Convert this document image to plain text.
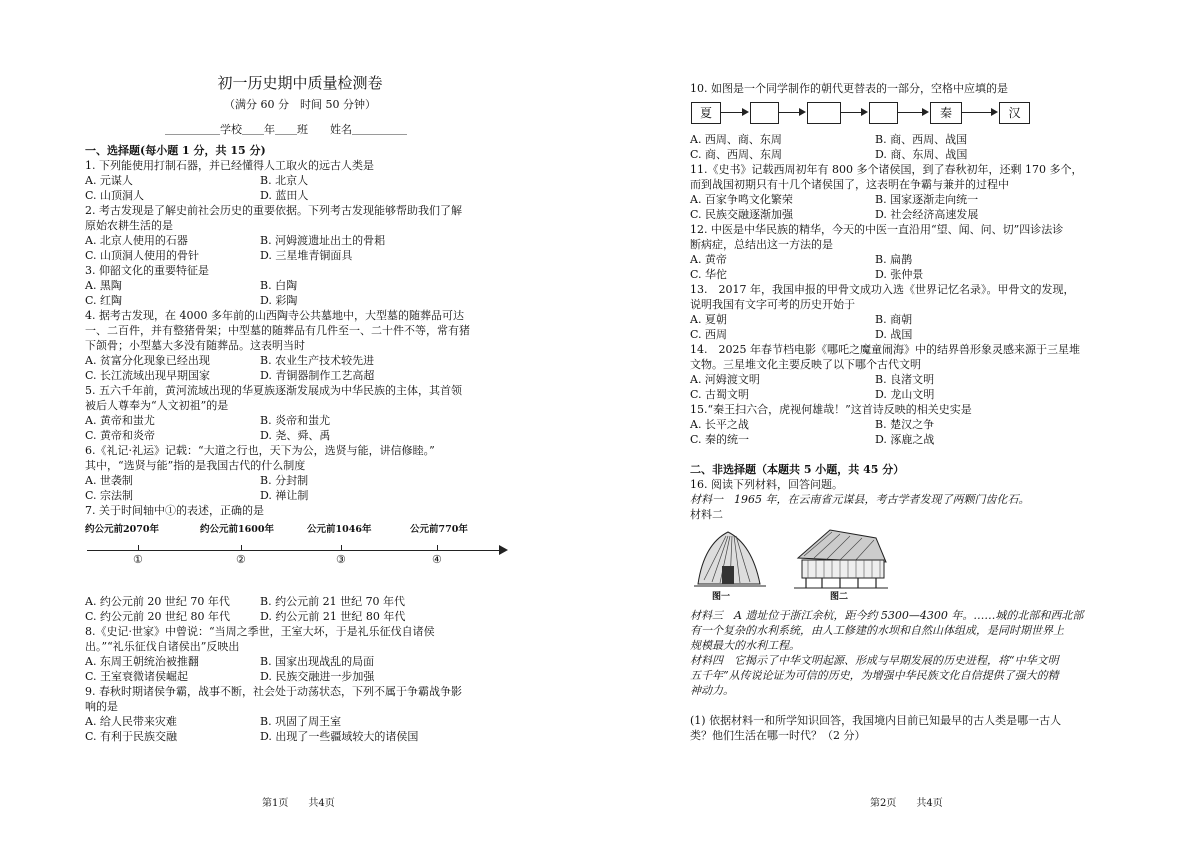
初一历史期中质量检测卷
（满分 60 分　时间 50 分钟）
＿＿＿＿＿学校＿＿年＿＿班　　姓名＿＿＿＿＿
一、选择题(每小题 1 分，共 15 分)
1. 下列能使用打制石器，并已经懂得人工取火的远古人类是
A. 元谋人	B. 北京人
C. 山顶洞人	D. 蓝田人
2. 考古发现是了解史前社会历史的重要依据。下列考古发现能够帮助我们了解
原始农耕生活的是
A. 北京人使用的石器	B. 河姆渡遗址出土的骨耜
C. 山顶洞人使用的骨针	D. 三星堆青铜面具
3. 仰韶文化的重要特征是
A. 黑陶	B. 白陶
C. 红陶	D. 彩陶
4. 据考古发现，在 4000 多年前的山西陶寺公共墓地中，大型墓的随葬品可达
一、二百件，并有整猪骨架；中型墓的随葬品有几件至一、二十件不等，常有猪
下颌骨；小型墓大多没有随葬品。这表明当时
A. 贫富分化现象已经出现	B. 农业生产技术较先进
C. 长江流域出现早期国家	D. 青铜器制作工艺高超
5. 五六千年前，黄河流域出现的华夏族逐渐发展成为中华民族的主体，其首领
被后人尊奉为“人文初祖”的是
A. 黄帝和蚩尤	B. 炎帝和蚩尤
C. 黄帝和炎帝	D. 尧、舜、禹
6.《礼记·礼运》记载：“大道之行也，天下为公，选贤与能，讲信修睦。”
其中，“选贤与能”指的是我国古代的什么制度
A. 世袭制	B. 分封制
C. 宗法制	D. 禅让制
7. 关于时间轴中①的表述，正确的是
约公元前2070年	约公元前1600年	公元前1046年	公元前770年
①	②	③	④
A. 约公元前 20 世纪 70 年代	B. 约公元前 21 世纪 70 年代
C. 约公元前 20 世纪 80 年代	D. 约公元前 21 世纪 80 年代
8.《史记·世家》中曾说：“当周之季世，王室大坏，于是礼乐征伐自诸侯
出。”“礼乐征伐自诸侯出”反映出
A. 东周王朝统治被推翻	B. 国家出现战乱的局面
C. 王室衰微诸侯崛起	D. 民族交融进一步加强
9. 春秋时期诸侯争霸，战事不断，社会处于动荡状态，下列不属于争霸战争影
响的是
A. 给人民带来灾难	B. 巩固了周王室
C. 有利于民族交融	D. 出现了一些疆域较大的诸侯国
第1页　　共4页
10. 如图是一个同学制作的朝代更替表的一部分，空格中应填的是
夏	秦	汉
A. 西周、商、东周	B. 商、西周、战国
C. 商、西周、东周	D. 商、东周、战国
11.《史书》记载西周初年有 800 多个诸侯国，到了春秋初年，还剩 170 多个，
而到战国初期只有十几个诸侯国了，这表明在争霸与兼并的过程中
A. 百家争鸣文化繁荣	B. 国家逐渐走向统一
C. 民族交融逐渐加强	D. 社会经济高速发展
12. 中医是中华民族的精华，今天的中医一直沿用“望、闻、问、切”四诊法诊
断病症，总结出这一方法的是
A. 黄帝	B. 扁鹊
C. 华佗	D. 张仲景
13.　2017 年，我国申报的甲骨文成功入选《世界记忆名录》。甲骨文的发现，
说明我国有文字可考的历史开始于
A. 夏朝	B. 商朝
C. 西周	D. 战国
14.　2025 年春节档电影《哪吒之魔童闹海》中的结界兽形象灵感来源于三星堆
文物。三星堆文化主要反映了以下哪个古代文明
A. 河姆渡文明	B. 良渚文明
C. 古蜀文明	D. 龙山文明
15.“秦王扫六合，虎视何雄哉！”这首诗反映的相关史实是
A. 长平之战	B. 楚汉之争
C. 秦的统一	D. 涿鹿之战
二、非选择题（本题共 5 小题，共 45 分）
16. 阅读下列材料，回答问题。
材料一　1965 年，在云南省元谋县，考古学者发现了两颗门齿化石。
材料二
图一	图二
材料三　A 遗址位于浙江余杭，距今约 5300—4300 年。……城的北部和西北部
有一个复杂的水利系统，由人工修建的水坝和自然山体组成，是同时期世界上
规模最大的水利工程。
材料四　它揭示了中华文明起源、形成与早期发展的历史进程，将“中华文明
五千年”从传说论证为可信的历史，为增强中华民族文化自信提供了强大的精
神动力。
(1) 依据材料一和所学知识回答，我国境内目前已知最早的古人类是哪一古人
类？他们生活在哪一时代？（2 分）
第2页　　共4页
